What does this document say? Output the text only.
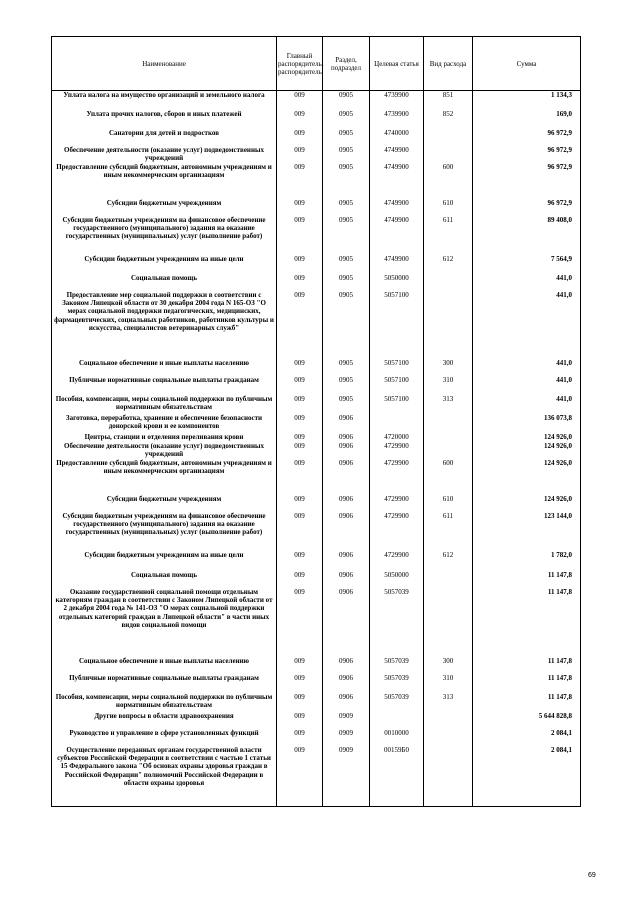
Наименование	Главный распорядитель, распорядитель	Раздел, подраздел	Целевая статья	Вид расхода	Сумма
Уплата налога на имущество организаций и земельного налога	009	0905	4739900	851	1 134,3
Уплата прочих налогов, сборов и иных платежей	009	0905	4739900	852	169,0
Санатории для детей и подростков	009	0905	4740000		96 972,9
Обеспечение деятельности (оказание услуг) подведомственных учреждений	009	0905	4749900		96 972,9
Предоставление субсидий бюджетным, автономным учреждениям и иным некоммерческим организациям	009	0905	4749900	600	96 972,9
Субсидии бюджетным учреждениям	009	0905	4749900	610	96 972,9
Субсидии бюджетным учреждениям на финансовое обеспечение государственного (муниципального) задания на оказание государственных (муниципальных) услуг (выполнение работ)	009	0905	4749900	611	89 408,0
Субсидии бюджетным учреждениям на иные цели	009	0905	4749900	612	7 564,9
Социальная помощь	009	0905	5050000		441,0
Предоставление мер социальной поддержки в соответствии с Законом Липецкой области от 30 декабря 2004 года N 165-ОЗ "О мерах социальной поддержки педагогических, медицинских, фармацевтических, социальных работников, работников культуры и искусства, специалистов ветеринарных служб"	009	0905	5057100		441,0
Социальное обеспечение и иные выплаты населению	009	0905	5057100	300	441,0
Публичные нормативные социальные выплаты гражданам	009	0905	5057100	310	441,0
Пособия, компенсации, меры социальной поддержки по публичным нормативным обязательствам	009	0905	5057100	313	441,0
Заготовка, переработка, хранение и обеспечение безопасности донорской крови и ее компонентов	009	0906			136 073,8
Центры, станции и отделения переливания крови	009	0906	4720000		124 926,0
Обеспечение деятельности (оказание услуг) подведомственных учреждений	009	0906	4729900		124 926,0
Предоставление субсидий бюджетным, автономным учреждениям и иным некоммерческим организациям	009	0906	4729900	600	124 926,0
Субсидии бюджетным учреждениям	009	0906	4729900	610	124 926,0
Субсидии бюджетным учреждениям на финансовое обеспечение государственного (муниципального) задания на оказание государственных (муниципальных) услуг (выполнение работ)	009	0906	4729900	611	123 144,0
Субсидии бюджетным учреждениям на иные цели	009	0906	4729900	612	1 782,0
Социальная помощь	009	0906	5050000		11 147,8
Оказание государственной социальной помощи отдельным категориям граждан в соответствии с Законом Липецкой области от 2 декабря 2004 года № 141-ОЗ "О мерах социальной поддержки отдельных категорий граждан в Липецкой области" в части иных видов социальной помощи	009	0906	5057039		11 147,8
Социальное обеспечение и иные выплаты населению	009	0906	5057039	300	11 147,8
Публичные нормативные социальные выплаты гражданам	009	0906	5057039	310	11 147,8
Пособия, компенсации, меры социальной поддержки по публичным нормативным обязательствам	009	0906	5057039	313	11 147,8
Другие вопросы в области здравоохранения	009	0909			5 644 828,8
Руководство и управление в сфере установленных функций	009	0909	0010000		2 084,1
Осуществление переданных органам государственной власти субъектов Российской Федерации в соответствии с частью 1 статьи 15 Федерального закона "Об основах охраны здоровья граждан в Российской Федерации" полномочий Российской Федерации в области охраны здоровья	009	0909	00159Б0		2 084,1
69
